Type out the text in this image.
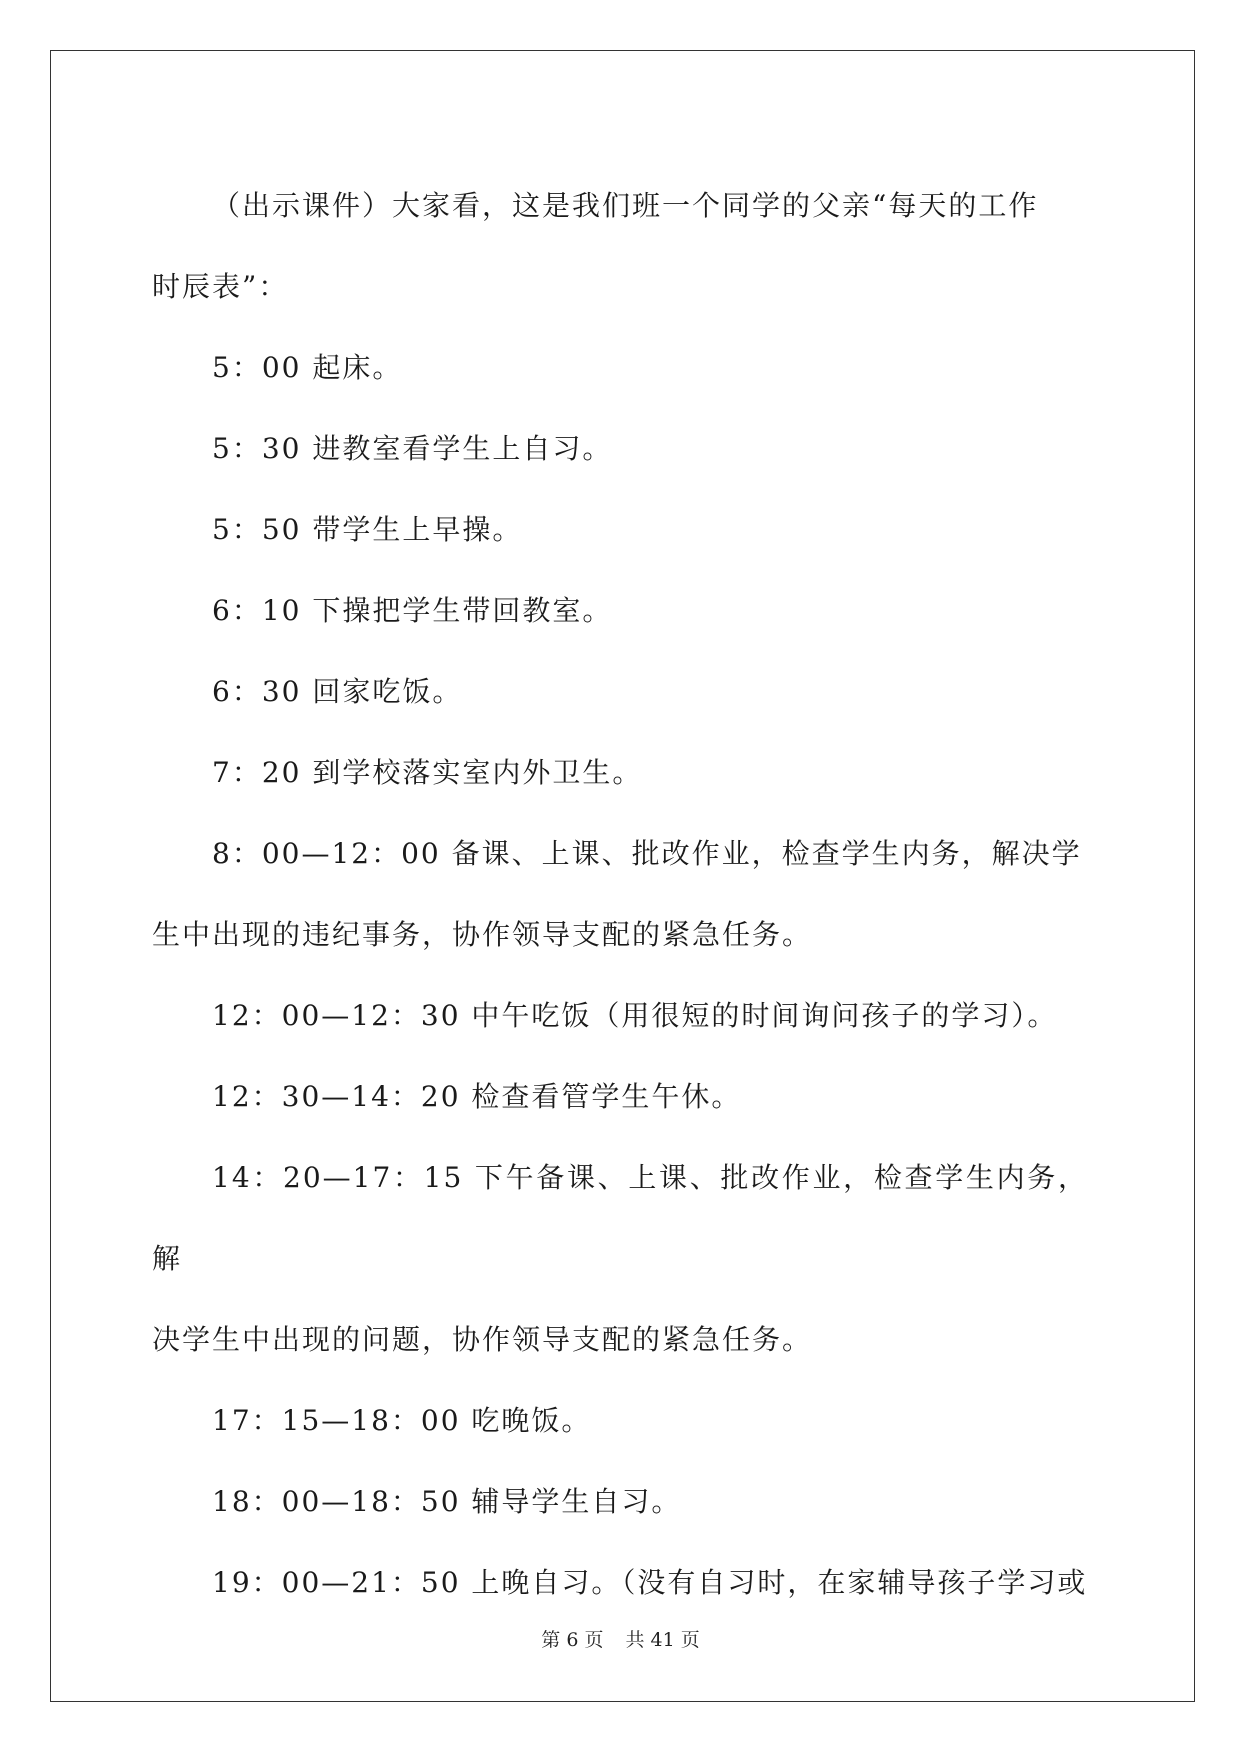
（出示课件）大家看，这是我们班一个同学的父亲“每天的工作
时辰表”：
5：00 起床。
5：30 进教室看学生上自习。
5：50 带学生上早操。
6：10 下操把学生带回教室。
6：30 回家吃饭。
7：20 到学校落实室内外卫生。
8：00—12：00 备课、上课、批改作业，检查学生内务，解决学
生中出现的违纪事务，协作领导支配的紧急任务。
12：00—12：30 中午吃饭（用很短的时间询问孩子的学习）。
12：30—14：20 检查看管学生午休。
14：20—17：15 下午备课、上课、批改作业，检查学生内务，解
决学生中出现的问题，协作领导支配的紧急任务。
17：15—18：00 吃晚饭。
18：00—18：50 辅导学生自习。
19：00—21：50 上晚自习。（没有自习时，在家辅导孩子学习或
第 6 页 共 41 页
